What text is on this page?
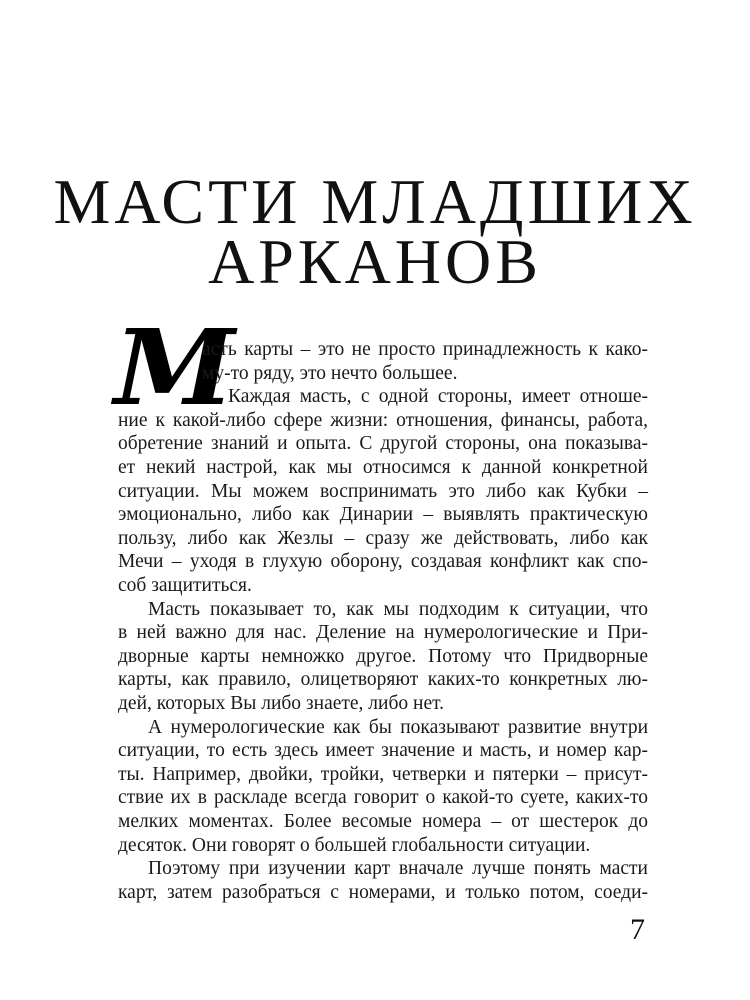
МАСТИ МЛАДШИХ
АРКАНОВ
М
асть карты – это не просто принадлежность к како-
му-то ряду, это нечто большее.
Каждая масть, с одной стороны, имеет отноше-
ние к какой-либо сфере жизни: отношения, финансы, работа,
обретение знаний и опыта. С другой стороны, она показыва-
ет некий настрой, как мы относимся к данной конкретной
ситуации. Мы можем воспринимать это либо как Кубки –
эмоционально, либо как Динарии – выявлять практическую
пользу, либо как Жезлы – сразу же действовать, либо как
Мечи – уходя в глухую оборону, создавая конфликт как спо-
соб защититься.
Масть показывает то, как мы подходим к ситуации, что
в ней важно для нас. Деление на нумерологические и При-
дворные карты немножко другое. Потому что Придворные
карты, как правило, олицетворяют каких-то конкретных лю-
дей, которых Вы либо знаете, либо нет.
А нумерологические как бы показывают развитие внутри
ситуации, то есть здесь имеет значение и масть, и номер кар-
ты. Например, двойки, тройки, четверки и пятерки – присут-
ствие их в раскладе всегда говорит о какой-то суете, каких-то
мелких моментах. Более весомые номера – от шестерок до
десяток. Они говорят о большей глобальности ситуации.
Поэтому при изучении карт вначале лучше понять масти
карт, затем разобраться с номерами, и только потом, соеди-
7
